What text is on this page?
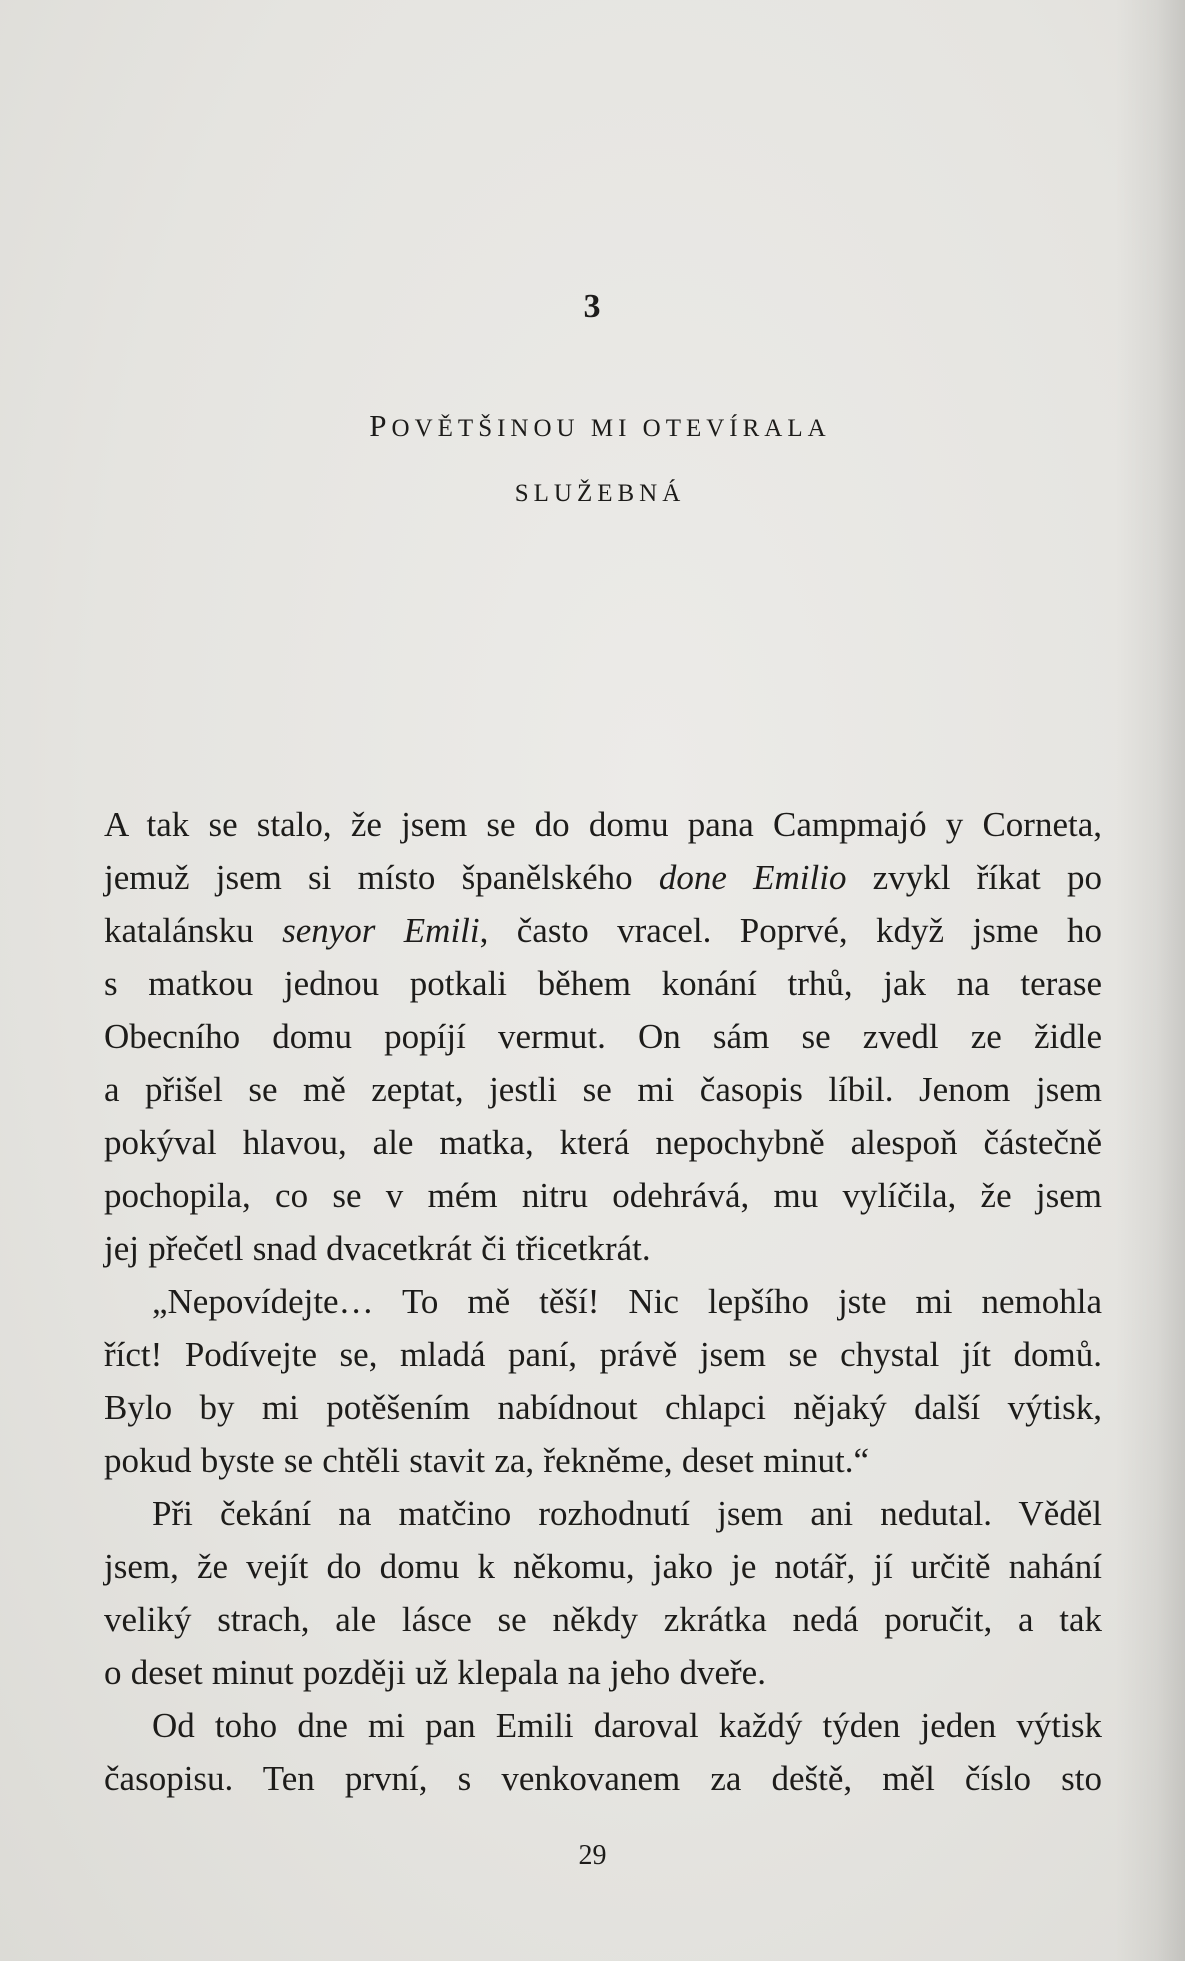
3
POVĚTŠINOU MI OTEVÍRALA
SLUŽEBNÁ
A tak se stalo, že jsem se do domu pana Campmajó y Corneta,
jemuž jsem si místo španělského done Emilio zvykl říkat po
katalánsku senyor Emili, často vracel. Poprvé, když jsme ho
s matkou jednou potkali během konání trhů, jak na terase
Obecního domu popíjí vermut. On sám se zvedl ze židle
a přišel se mě zeptat, jestli se mi časopis líbil. Jenom jsem
pokýval hlavou, ale matka, která nepochybně alespoň částečně
pochopila, co se v mém nitru odehrává, mu vylíčila, že jsem
jej přečetl snad dvacetkrát či třicetkrát.
„Nepovídejte… To mě těší! Nic lepšího jste mi nemohla
říct! Podívejte se, mladá paní, právě jsem se chystal jít domů.
Bylo by mi potěšením nabídnout chlapci nějaký další výtisk,
pokud byste se chtěli stavit za, řekněme, deset minut.“
Při čekání na matčino rozhodnutí jsem ani nedutal. Věděl
jsem, že vejít do domu k někomu, jako je notář, jí určitě nahání
veliký strach, ale lásce se někdy zkrátka nedá poručit, a tak
o deset minut později už klepala na jeho dveře.
Od toho dne mi pan Emili daroval každý týden jeden výtisk
časopisu. Ten první, s venkovanem za deště, měl číslo sto
29
